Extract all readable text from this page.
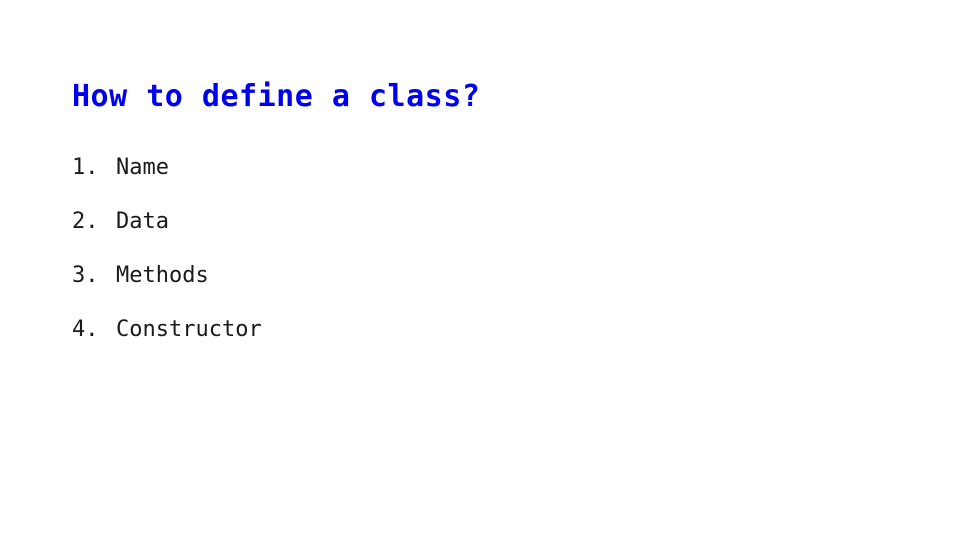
How to define a class?
1. Name
2. Data
3. Methods
4. Constructor
